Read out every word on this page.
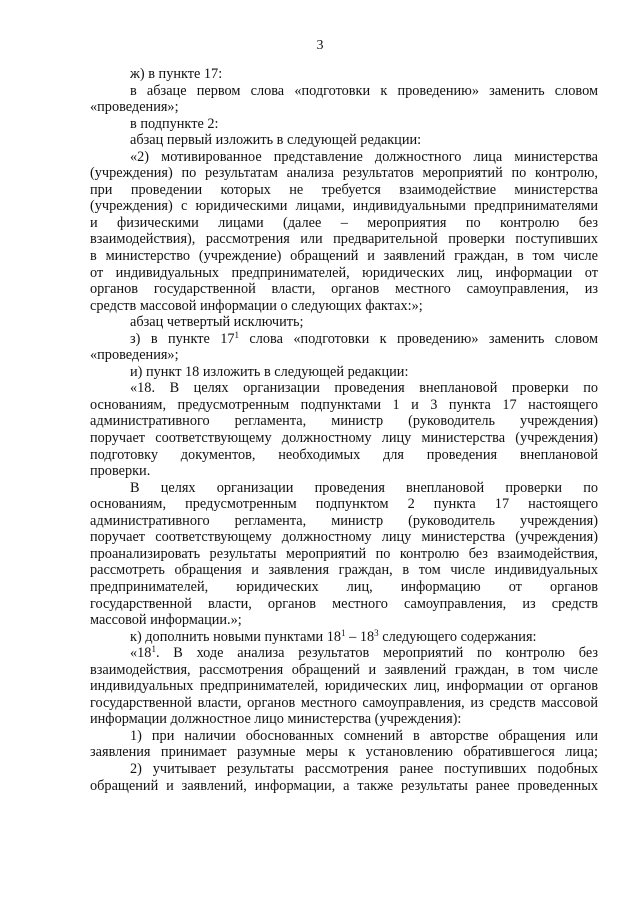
3
ж) в пункте 17:
в абзаце первом слова «подготовки к проведению» заменить словом
«проведения»;
в подпункте 2:
абзац первый изложить в следующей редакции:
«2) мотивированное представление должностного лица министерства
(учреждения) по результатам анализа результатов мероприятий по контролю,
при проведении которых не требуется взаимодействие министерства
(учреждения) с юридическими лицами, индивидуальными предпринимателями
и физическими лицами (далее – мероприятия по контролю без
взаимодействия), рассмотрения или предварительной проверки поступивших
в министерство (учреждение) обращений и заявлений граждан, в том числе
от индивидуальных предпринимателей, юридических лиц, информации от
органов государственной власти, органов местного самоуправления, из
средств массовой информации о следующих фактах:»;
абзац четвертый исключить;
з) в пункте $17^1$ слова «подготовки к проведению» заменить словом
«проведения»;
и) пункт 18 изложить в следующей редакции:
«18. В целях организации проведения внеплановой проверки по
основаниям, предусмотренным подпунктами 1 и 3 пункта 17 настоящего
административного регламента, министр (руководитель учреждения)
поручает соответствующему должностному лицу министерства (учреждения)
подготовку документов, необходимых для проведения внеплановой
проверки.
В целях организации проведения внеплановой проверки по
основаниям, предусмотренным подпунктом 2 пункта 17 настоящего
административного регламента, министр (руководитель учреждения)
поручает соответствующему должностному лицу министерства (учреждения)
проанализировать результаты мероприятий по контролю без взаимодействия,
рассмотреть обращения и заявления граждан, в том числе индивидуальных
предпринимателей, юридических лиц, информацию от органов
государственной власти, органов местного самоуправления, из средств
массовой информации.»;
к) дополнить новыми пунктами $18^1 - 18^3$ следующего содержания:
«$18^1$. В ходе анализа результатов мероприятий по контролю без
взаимодействия, рассмотрения обращений и заявлений граждан, в том числе
индивидуальных предпринимателей, юридических лиц, информации от органов
государственной власти, органов местного самоуправления, из средств массовой
информации должностное лицо министерства (учреждения):
1) при наличии обоснованных сомнений в авторстве обращения или
заявления принимает разумные меры к установлению обратившегося лица;
2) учитывает результаты рассмотрения ранее поступивших подобных
обращений и заявлений, информации, а также результаты ранее проведенных
